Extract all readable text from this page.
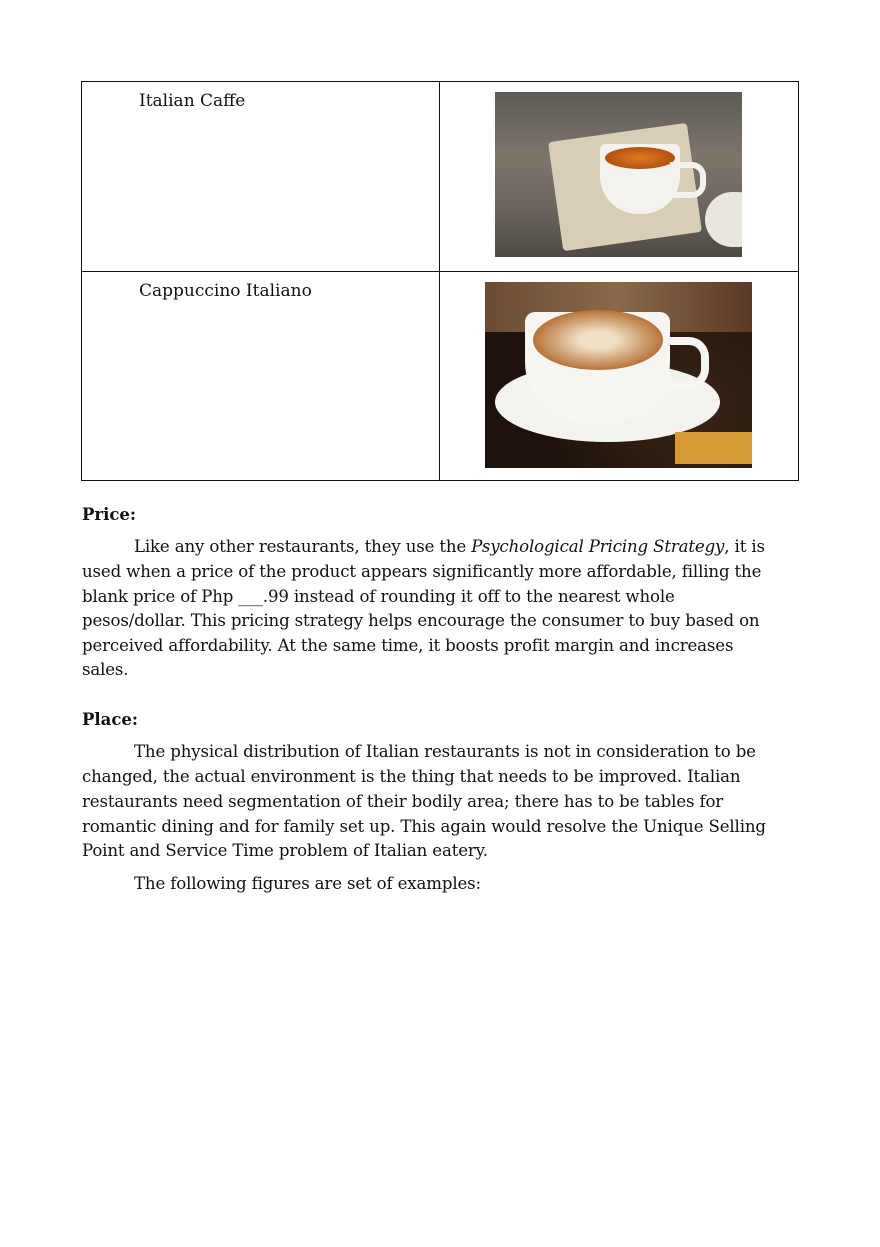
Italian Caffe	

Cappuccino Italiano	
Price:
Like any other restaurants, they use the Psychological Pricing Strategy, it is
used when a price of the product appears significantly more affordable, filling the
blank price of Php ___.99 instead of rounding it off to the nearest whole
pesos/dollar. This pricing strategy helps encourage the consumer to buy based on
perceived affordability. At the same time, it boosts profit margin and increases
sales.
Place:
The physical distribution of Italian restaurants is not in consideration to be
changed, the actual environment is the thing that needs to be improved. Italian
restaurants need segmentation of their bodily area; there has to be tables for
romantic dining and for family set up. This again would resolve the Unique Selling
Point and Service Time problem of Italian eatery.
The following figures are set of examples:
